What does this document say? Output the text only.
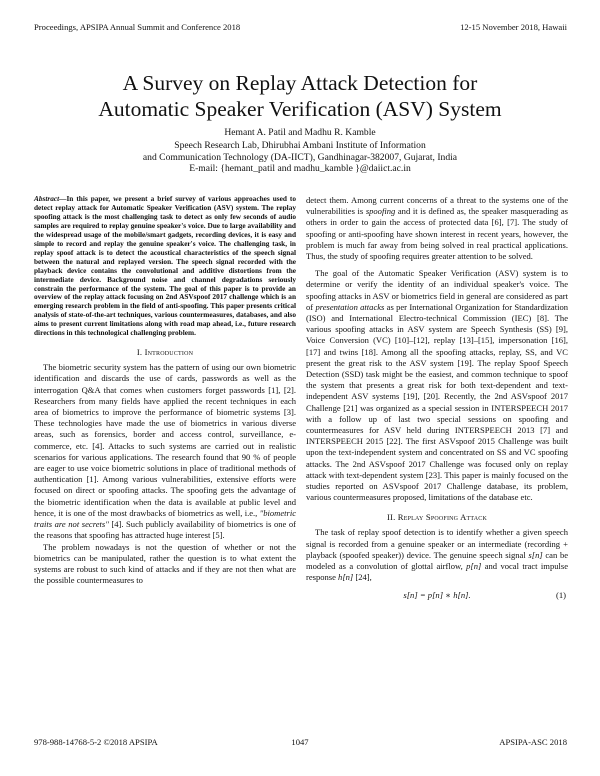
Proceedings, APSIPA Annual Summit and Conference 2018	12-15 November 2018, Hawaii
A Survey on Replay Attack Detection for
Automatic Speaker Verification (ASV) System
Hemant A. Patil and Madhu R. Kamble
Speech Research Lab, Dhirubhai Ambani Institute of Information
and Communication Technology (DA-IICT), Gandhinagar-382007, Gujarat, India
E-mail: {hemant_patil and madhu_kamble }@daiict.ac.in

Abstract—In this paper, we present a brief survey of various approaches used to detect replay attack for Automatic Speaker Verification (ASV) system. The replay spoofing attack is the most challenging task to detect as only few seconds of audio samples are required to replay genuine speaker's voice. Due to large availability and the widespread usage of the mobile/smart gadgets, recording devices, it is easy and simple to record and replay the genuine speaker's voice. The challenging task, in replay spoof attack is to detect the acoustical characteristics of the speech signal between the natural and replayed version. The speech signal recorded with the playback device contains the convolutional and additive distortions from the intermediate device. Background noise and channel degradations seriously constrain the performance of the system. The goal of this paper is to provide an overview of the replay attack focusing on 2nd ASVspoof 2017 challenge which is an emerging research problem in the field of anti-spoofing. This paper presents critical analysis of state-of-the-art techniques, various countermeasures, databases, and also aims to present current limitations along with road map ahead, i.e., future research directions in this technological challenging problem.

I. Introduction

The biometric security system has the pattern of using our own biometric identification and discards the use of cards, passwords as well as the interrogation Q&A that comes when customers forget passwords [1], [2]. Researchers from many fields have applied the recent techniques in each area of biometrics to improve the performance of biometric systems [3]. These technologies have made the use of biometrics in various diverse areas, such as forensics, border and access control, surveillance, e-commerce, etc. [4]. Attacks to such systems are carried out in realistic scenarios for various applications. The research found that 90 % of people are eager to use voice biometric solutions in place of traditional methods of authentication [1]. Among various vulnerabilities, extensive efforts were focused on direct or spoofing attacks. The spoofing gets the advantage of the biometric identification when the data is available at public level and hence, it is one of the most drawbacks of biometrics as well, i.e., "biometric traits are not secrets" [4]. Such publicly availability of biometrics is one of the reasons that spoofing has attracted huge interest [5].

The problem nowadays is not the question of whether or not the biometrics can be manipulated, rather the question is to what extent the systems are robust to such kind of attacks and if they are not then what are the possible countermeasures to

detect them. Among current concerns of a threat to the systems one of the vulnerabilities is spoofing and it is defined as, the speaker masquerading as others in order to gain the access of protected data [6], [7]. The study of spoofing or anti-spoofing have shown interest in recent years, however, the problem is much far away from being solved in real practical applications. Thus, the study of spoofing requires greater attention to be solved.

The goal of the Automatic Speaker Verification (ASV) system is to determine or verify the identity of an individual speaker's voice. The spoofing attacks in ASV or biometrics field in general are considered as part of presentation attacks as per International Organization for Standardization (ISO) and International Electro-technical Commission (IEC) [8]. The various spoofing attacks in ASV system are Speech Synthesis (SS) [9], Voice Conversion (VC) [10]–[12], replay [13]–[15], impersonation [16], [17] and twins [18]. Among all the spoofing attacks, replay, SS, and VC present the great risk to the ASV system [19]. The replay Spoof Speech Detection (SSD) task might be the easiest, and common technique to spoof the system that presents a great risk for both text-dependent and text-independent ASV systems [19], [20]. Recently, the 2nd ASVspoof 2017 Challenge [21] was organized as a special session in INTERSPEECH 2017 with a follow up of last two special sessions on spoofing and countermeasures for ASV held during INTERSPEECH 2013 [7] and INTERSPEECH 2015 [22]. The first ASVspoof 2015 Challenge was built upon the text-independent system and concentrated on SS and VC spoofing attacks. The 2nd ASVspoof 2017 Challenge was focused only on replay attack with text-dependent system [23]. This paper is mainly focused on the studies reported on ASVspoof 2017 Challenge database, its problem, various countermeasures proposed, limitations of the database etc.

II. Replay Spoofing Attack

The task of replay spoof detection is to identify whether a given speech signal is recorded from a genuine speaker or an intermediate (recording + playback (spoofed speaker)) device. The genuine speech signal s[n] can be modeled as a convolution of glottal airflow, p[n] and vocal tract impulse response h[n] [24],

s[n] = p[n] ∗ h[n].	(1)
978-988-14768-5-2 ©2018 APSIPA	1047	APSIPA-ASC 2018
